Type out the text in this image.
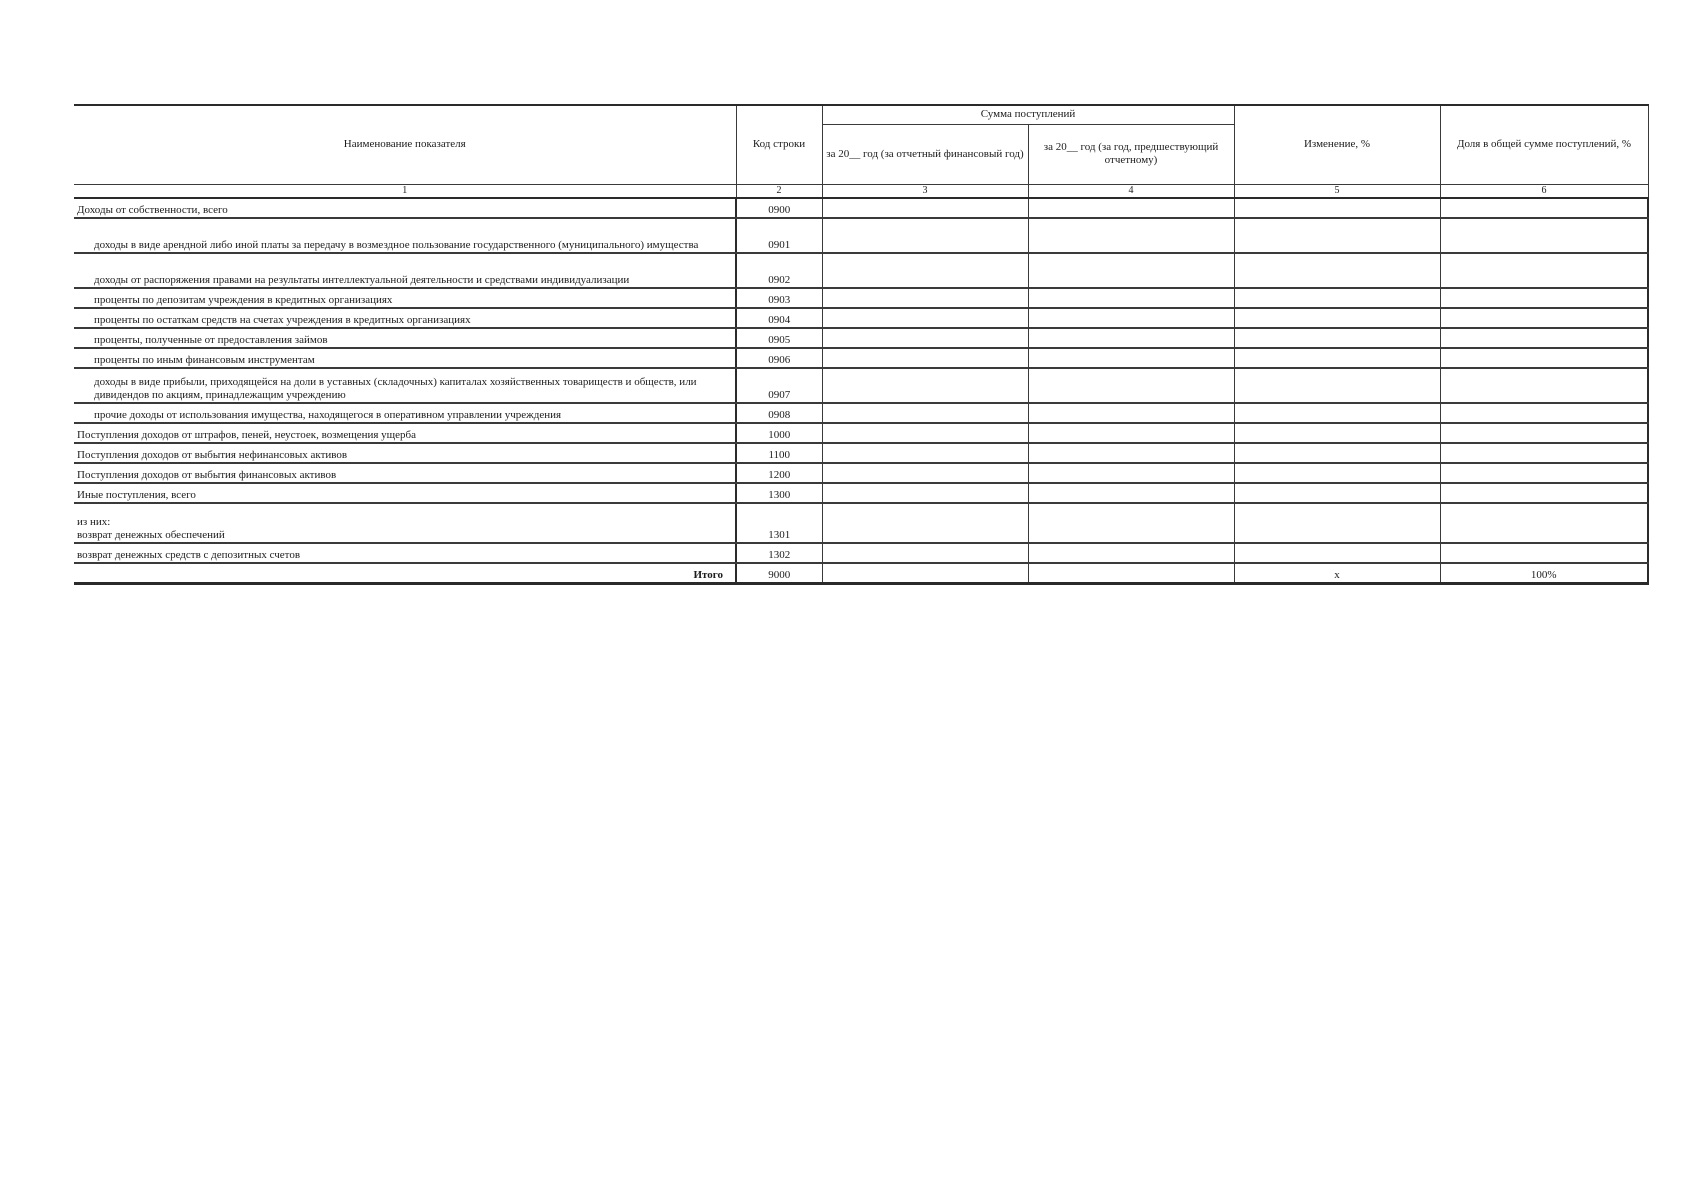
Наименование показателя	Код строки	Сумма поступлений		Изменение, %	Доля в общей сумме поступлений, %
		за 20__ год (за отчетный финансовый год)	за 20__ год (за год, предшествующий отчетному)		
1	2	3	4	5	6
Доходы от собственности, всего	0900				
доходы в виде арендной либо иной платы за передачу в возмездное пользование государственного (муниципального) имущества	0901				
доходы от распоряжения правами на результаты интеллектуальной деятельности и средствами индивидуализации	0902				
проценты по депозитам учреждения в кредитных организациях	0903				
проценты по остаткам средств на счетах учреждения в кредитных организациях	0904				
проценты, полученные от предоставления займов	0905				
проценты по иным финансовым инструментам	0906				
доходы в виде прибыли, приходящейся на доли в уставных (складочных) капиталах хозяйственных товариществ и обществ, или дивидендов по акциям, принадлежащим учреждению	0907				
прочие доходы от использования имущества, находящегося в оперативном управлении учреждения	0908				
Поступления доходов от штрафов, пеней, неустоек, возмещения ущерба	1000				
Поступления доходов от выбытия нефинансовых активов	1100				
Поступления доходов от выбытия финансовых активов	1200				
Иные поступления, всего	1300				

из них:
возврат денежных обеспечений	1301				
возврат денежных средств с депозитных счетов	1302				
Итого	9000			х	100%
